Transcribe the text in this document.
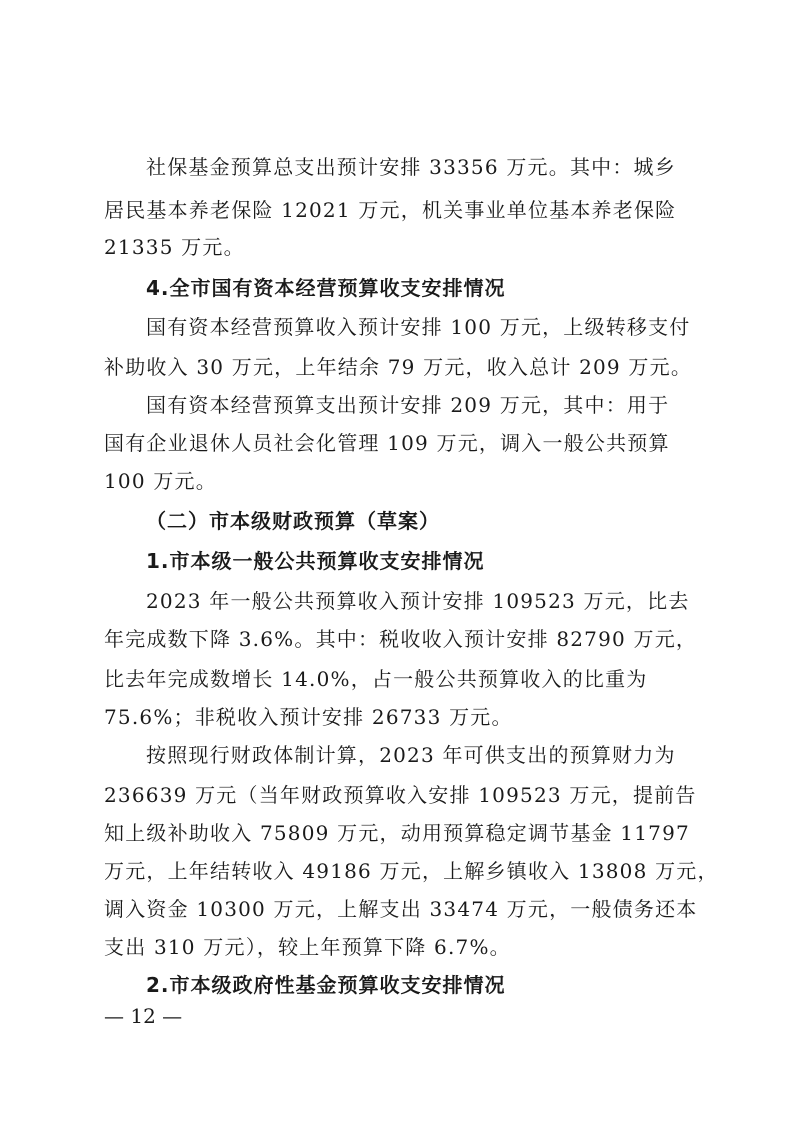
社保基金预算总支出预计安排 33356 万元。其中：城乡
居民基本养老保险 12021 万元，机关事业单位基本养老保险
21335 万元。
4.全市国有资本经营预算收支安排情况
国有资本经营预算收入预计安排 100 万元，上级转移支付
补助收入 30 万元，上年结余 79 万元，收入总计 209 万元。
国有资本经营预算支出预计安排 209 万元，其中：用于
国有企业退休人员社会化管理 109 万元，调入一般公共预算
100 万元。
（二）市本级财政预算（草案）
1.市本级一般公共预算收支安排情况
2023 年一般公共预算收入预计安排 109523 万元，比去
年完成数下降 3.6%。其中：税收收入预计安排 82790 万元，
比去年完成数增长 14.0%，占一般公共预算收入的比重为
75.6%；非税收入预计安排 26733 万元。
按照现行财政体制计算，2023 年可供支出的预算财力为
236639 万元（当年财政预算收入安排 109523 万元，提前告
知上级补助收入 75809 万元，动用预算稳定调节基金 11797
万元，上年结转收入 49186 万元，上解乡镇收入 13808 万元，
调入资金 10300 万元，上解支出 33474 万元，一般债务还本
支出 310 万元），较上年预算下降 6.7%。
2.市本级政府性基金预算收支安排情况
— 12 —
